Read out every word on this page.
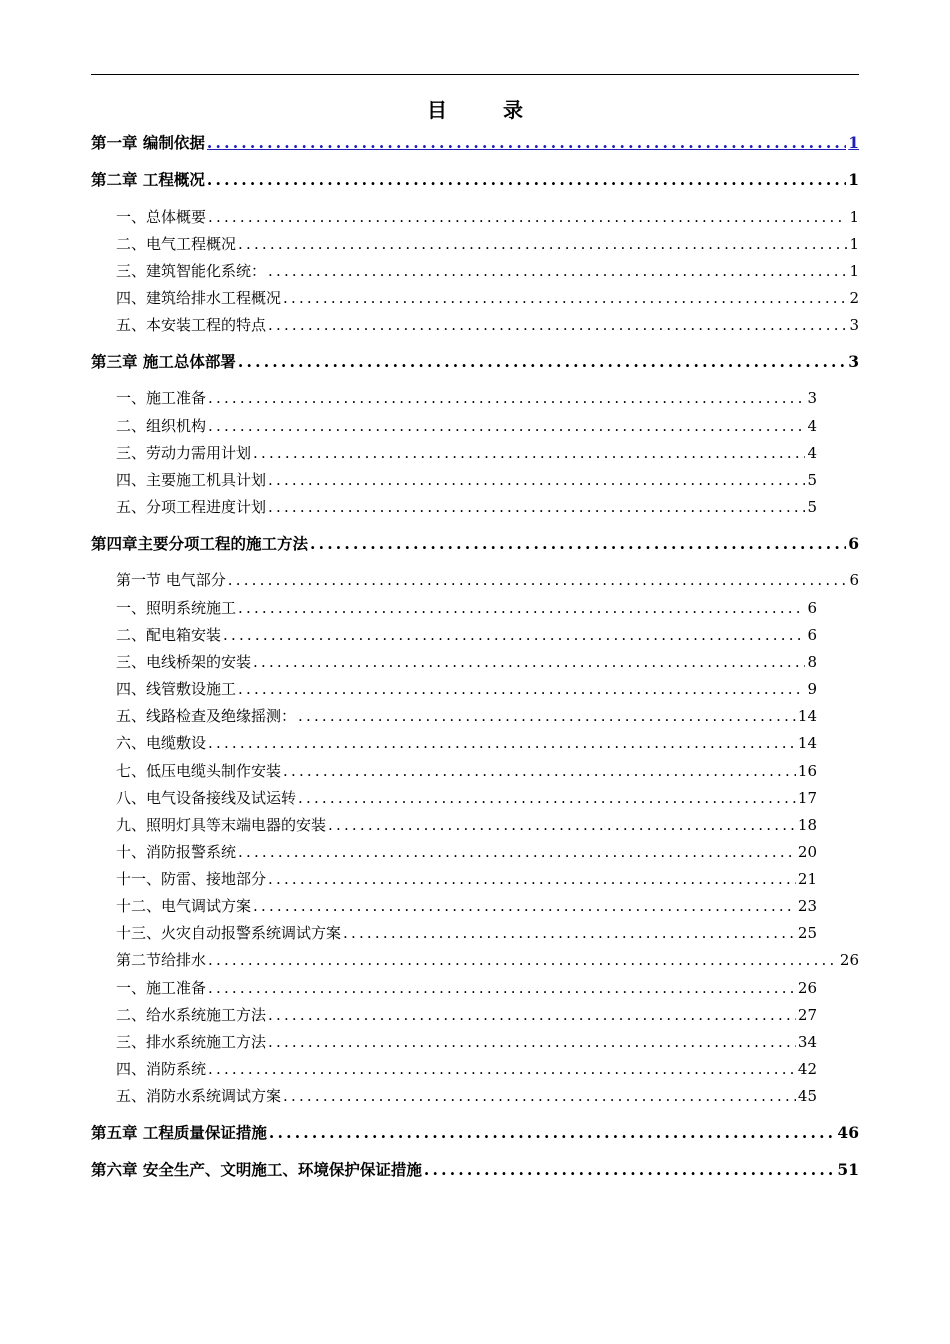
目　录
第一章 编制依据 .....	1
第二章 工程概况 .....	1
一、总体概要 .....	1
二、电气工程概况 .....	1
三、建筑智能化系统： .....	1
四、建筑给排水工程概况 .....	2
五、本安装工程的特点 .....	3
第三章 施工总体部署 .....	3
一、施工准备 .....	3
二、组织机构 .....	4
三、劳动力需用计划 .....	4
四、主要施工机具计划 .....	5
五、分项工程进度计划 .....	5
第四章主要分项工程的施工方法 .....	6
第一节 电气部分 .....	6
一、照明系统施工 .....	6
二、配电箱安装 .....	6
三、电线桥架的安装 .....	8
四、线管敷设施工 .....	9
五、线路检查及绝缘摇测： .....	14
六、电缆敷设 .....	14
七、低压电缆头制作安装 .....	16
八、电气设备接线及试运转 .....	17
九、照明灯具等末端电器的安装 .....	18
十、消防报警系统 .....	20
十一、防雷、接地部分 .....	21
十二、电气调试方案 .....	23
十三、火灾自动报警系统调试方案 .....	25
第二节给排水 .....	26
一、施工准备 .....	26
二、给水系统施工方法 .....	27
三、排水系统施工方法 .....	34
四、消防系统 .....	42
五、消防水系统调试方案 .....	45
第五章 工程质量保证措施 .....	46
第六章 安全生产、文明施工、环境保护保证措施 .....	51
